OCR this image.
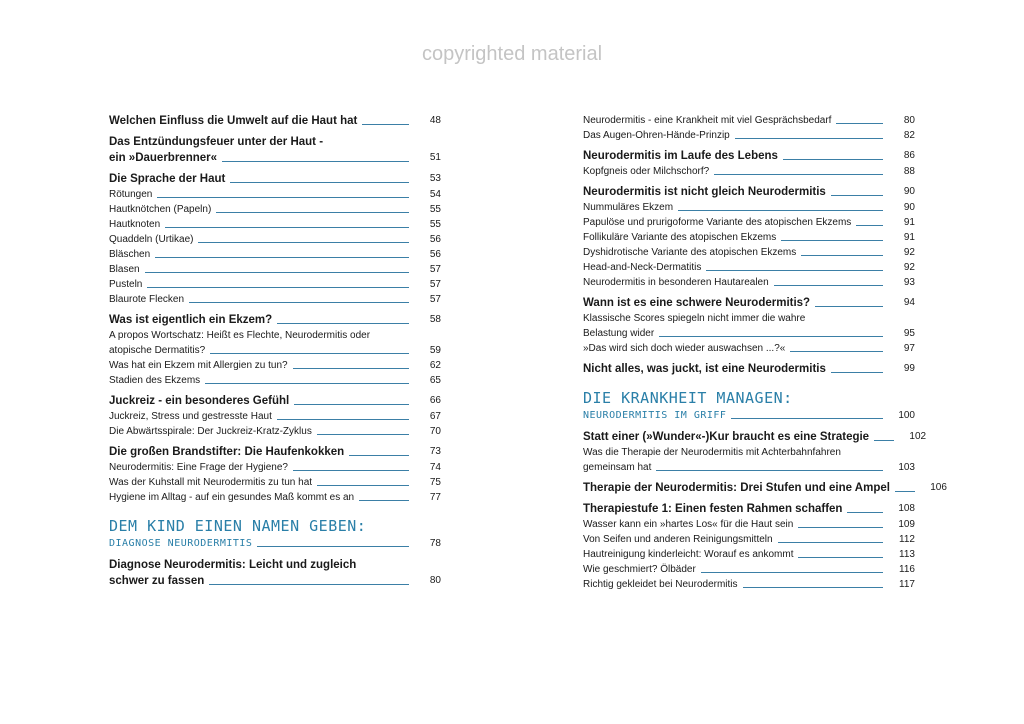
copyrighted material
Welchen Einfluss die Umwelt auf die Haut hat	48
Das Entzündungsfeuer unter der Haut -
ein »Dauerbrenner«	51
Die Sprache der Haut	53
Rötungen	54
Hautknötchen (Papeln)	55
Hautknoten	55
Quaddeln (Urtikae)	56
Bläschen	56
Blasen	57
Pusteln	57
Blaurote Flecken	57
Was ist eigentlich ein Ekzem?	58
A propos Wortschatz: Heißt es Flechte, Neurodermitis oder
atopische Dermatitis?	59
Was hat ein Ekzem mit Allergien zu tun?	62
Stadien des Ekzems	65
Juckreiz - ein besonderes Gefühl	66
Juckreiz, Stress und gestresste Haut	67
Die Abwärtsspirale: Der Juckreiz-Kratz-Zyklus	70
Die großen Brandstifter: Die Haufenkokken	73
Neurodermitis: Eine Frage der Hygiene?	74
Was der Kuhstall mit Neurodermitis zu tun hat	75
Hygiene im Alltag - auf ein gesundes Maß kommt es an	77
DEM KIND EINEN NAMEN GEBEN:
DIAGNOSE NEURODERMITIS	78
Diagnose Neurodermitis: Leicht und zugleich
schwer zu fassen	80
Neurodermitis - eine Krankheit mit viel Gesprächsbedarf	80
Das Augen-Ohren-Hände-Prinzip	82
Neurodermitis im Laufe des Lebens	86
Kopfgneis oder Milchschorf?	88
Neurodermitis ist nicht gleich Neurodermitis	90
Nummuläres Ekzem	90
Papulöse und prurigoforme Variante des atopischen Ekzems	91
Follikuläre Variante des atopischen Ekzems	91
Dyshidrotische Variante des atopischen Ekzems	92
Head-and-Neck-Dermatitis	92
Neurodermitis in besonderen Hautarealen	93
Wann ist es eine schwere Neurodermitis?	94
Klassische Scores spiegeln nicht immer die wahre
Belastung wider	95
»Das wird sich doch wieder auswachsen ...?«	97
Nicht alles, was juckt, ist eine Neurodermitis	99
DIE KRANKHEIT MANAGEN:
NEURODERMITIS IM GRIFF	100
Statt einer (»Wunder«-)Kur braucht es eine Strategie	102
Was die Therapie der Neurodermitis mit Achterbahnfahren
gemeinsam hat	103
Therapie der Neurodermitis: Drei Stufen und eine Ampel	106
Therapiestufe 1: Einen festen Rahmen schaffen	108
Wasser kann ein »hartes Los« für die Haut sein	109
Von Seifen und anderen Reinigungsmitteln	112
Hautreinigung kinderleicht: Worauf es ankommt	113
Wie geschmiert? Ölbäder	116
Richtig gekleidet bei Neurodermitis	117
